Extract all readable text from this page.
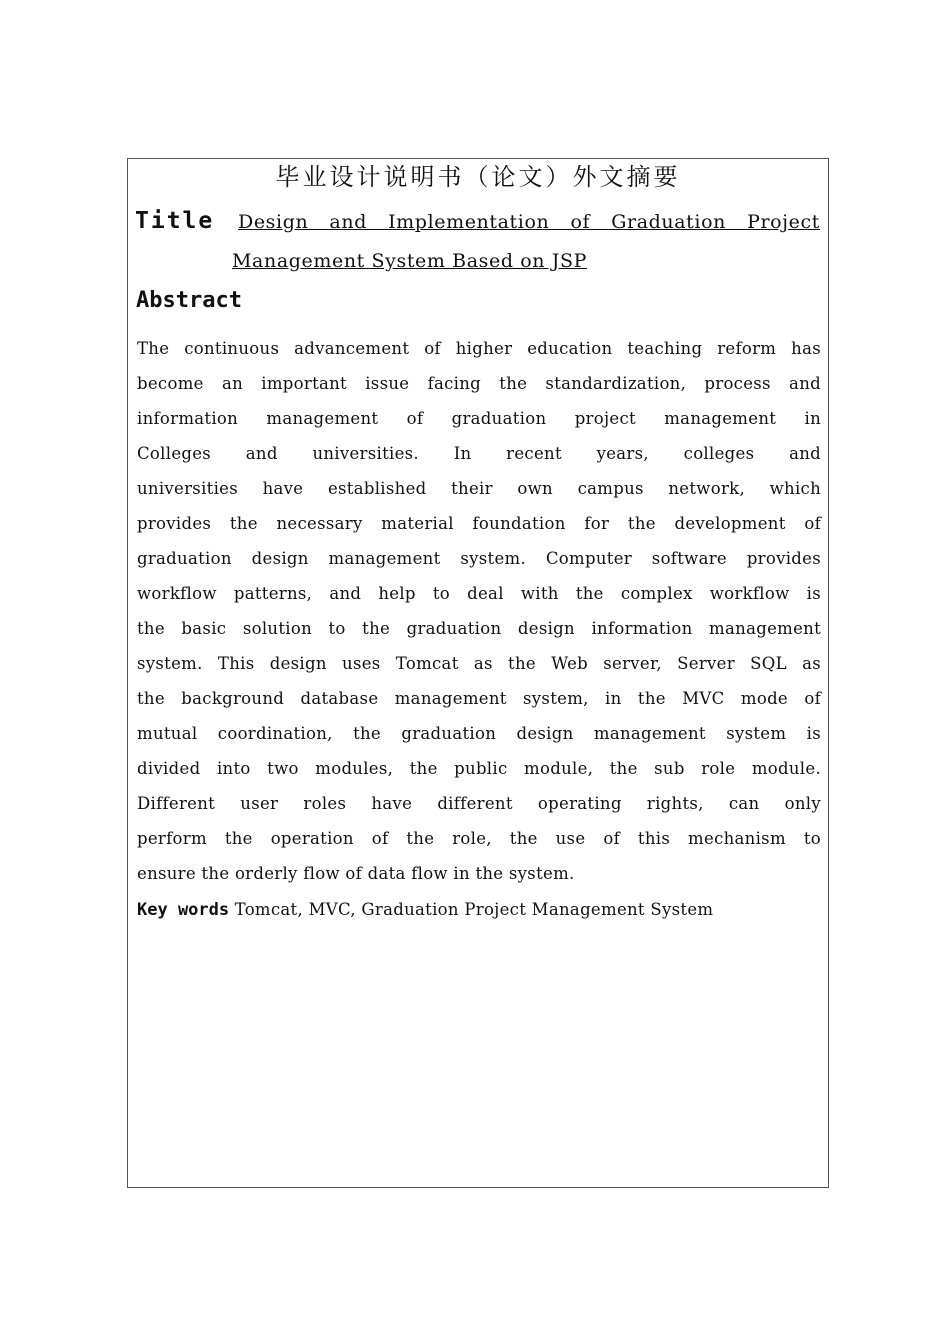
毕业设计说明书（论文）外文摘要
Title Design and Implementation of Graduation Project
Management System Based on JSP
Abstract
The continuous advancement of higher education teaching reform has
become an important issue facing the standardization, process and
information management of graduation project management in
Colleges and universities. In recent years, colleges and
universities have established their own campus network, which
provides the necessary material foundation for the development of
graduation design management system. Computer software provides
workflow patterns, and help to deal with the complex workflow is
the basic solution to the graduation design information management
system. This design uses Tomcat as the Web server, Server SQL as
the background database management system, in the MVC mode of
mutual coordination, the graduation design management system is
divided into two modules, the public module, the sub role module.
Different user roles have different operating rights, can only
perform the operation of the role, the use of this mechanism to
ensure the orderly flow of data flow in the system.
Key words Tomcat, MVC, Graduation Project Management System
